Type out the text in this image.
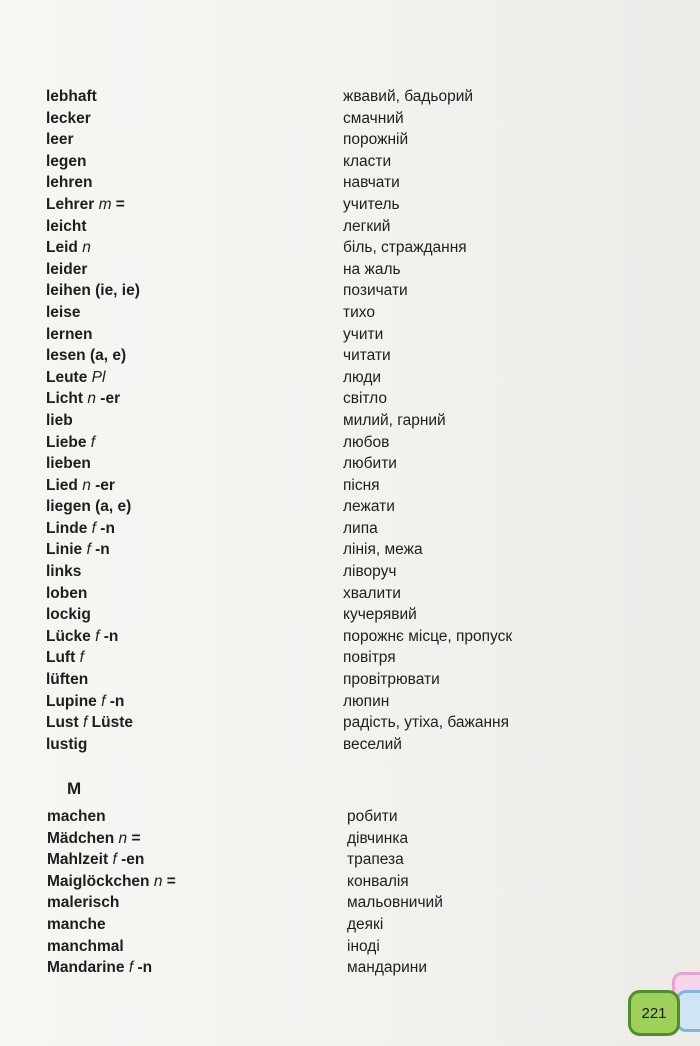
lebhaft	жвавий, бадьорий
lecker	смачний
leer	порожній
legen	класти
lehren	навчати
Lehrer m =	учитель
leicht	легкий
Leid n	біль, страждання
leider	на жаль
leihen (ie, ie)	позичати
leise	тихо
lernen	учити
lesen (a, e)	читати
Leute Pl	люди
Licht n -er	світло
lieb	милий, гарний
Liebe f	любов
lieben	любити
Lied n -er	пісня
liegen (a, e)	лежати
Linde f -n	липа
Linie f -n	лінія, межа
links	ліворуч
loben	хвалити
lockig	кучерявий
Lücke f -n	порожнє місце, пропуск
Luft f	повітря
lüften	провітрювати
Lupine f -n	люпин
Lust f Lüste	радість, утіха, бажання
lustig	веселий
M
machen	робити
Mädchen n =	дівчинка
Mahlzeit f -en	трапеза
Maiglöckchen n =	конвалія
malerisch	мальовничий
manche	деякі
manchmal	іноді
Mandarine f -n	мандарини
221
